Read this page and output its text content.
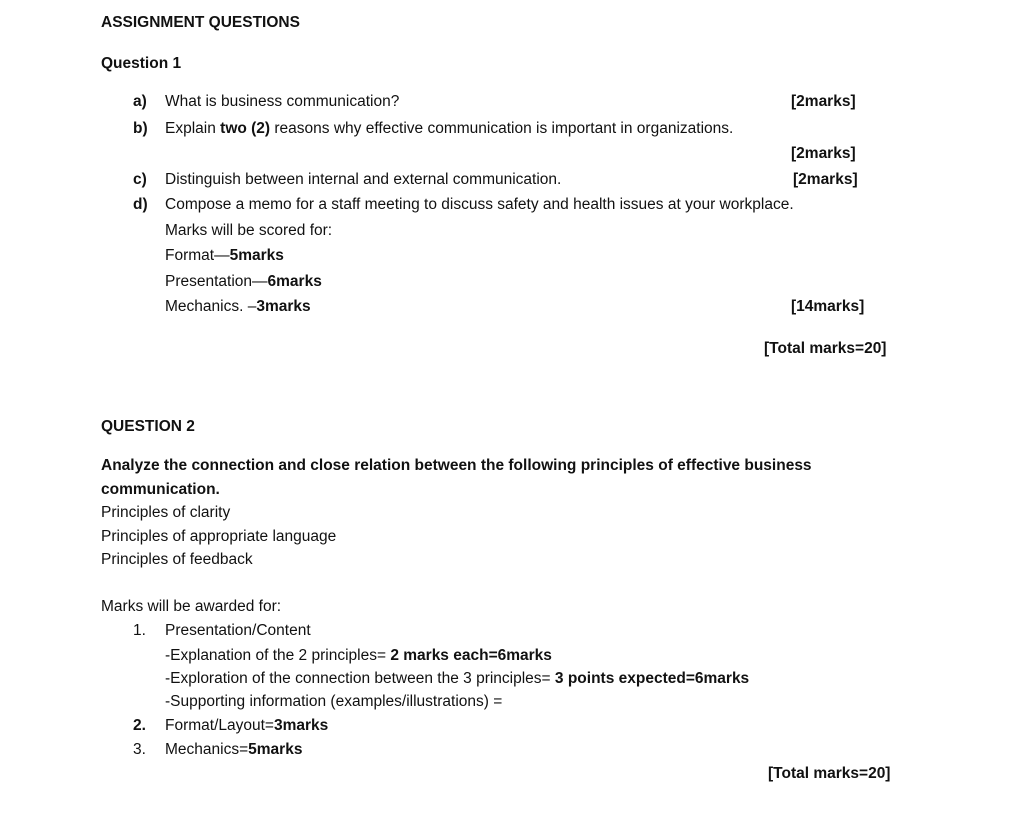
ASSIGNMENT QUESTIONS
Question 1
a) What is business communication?	[2marks]
b) Explain two (2) reasons why effective communication is important in organizations.
[2marks]
c) Distinguish between internal and external communication.	[2marks]
d) Compose a memo for a staff meeting to discuss safety and health issues at your workplace.
Marks will be scored for:
Format—5marks
Presentation—6marks
Mechanics. –3marks	[14marks]
[Total marks=20]
QUESTION 2
Analyze the connection and close relation between the following principles of effective business
communication.
Principles of clarity
Principles of appropriate language
Principles of feedback
Marks will be awarded for:
1. Presentation/Content
-Explanation of the 2 principles= 2 marks each=6marks
-Exploration of the connection between the 3 principles= 3 points expected=6marks
-Supporting information (examples/illustrations) =
2. Format/Layout=3marks
3. Mechanics=5marks
[Total marks=20]
